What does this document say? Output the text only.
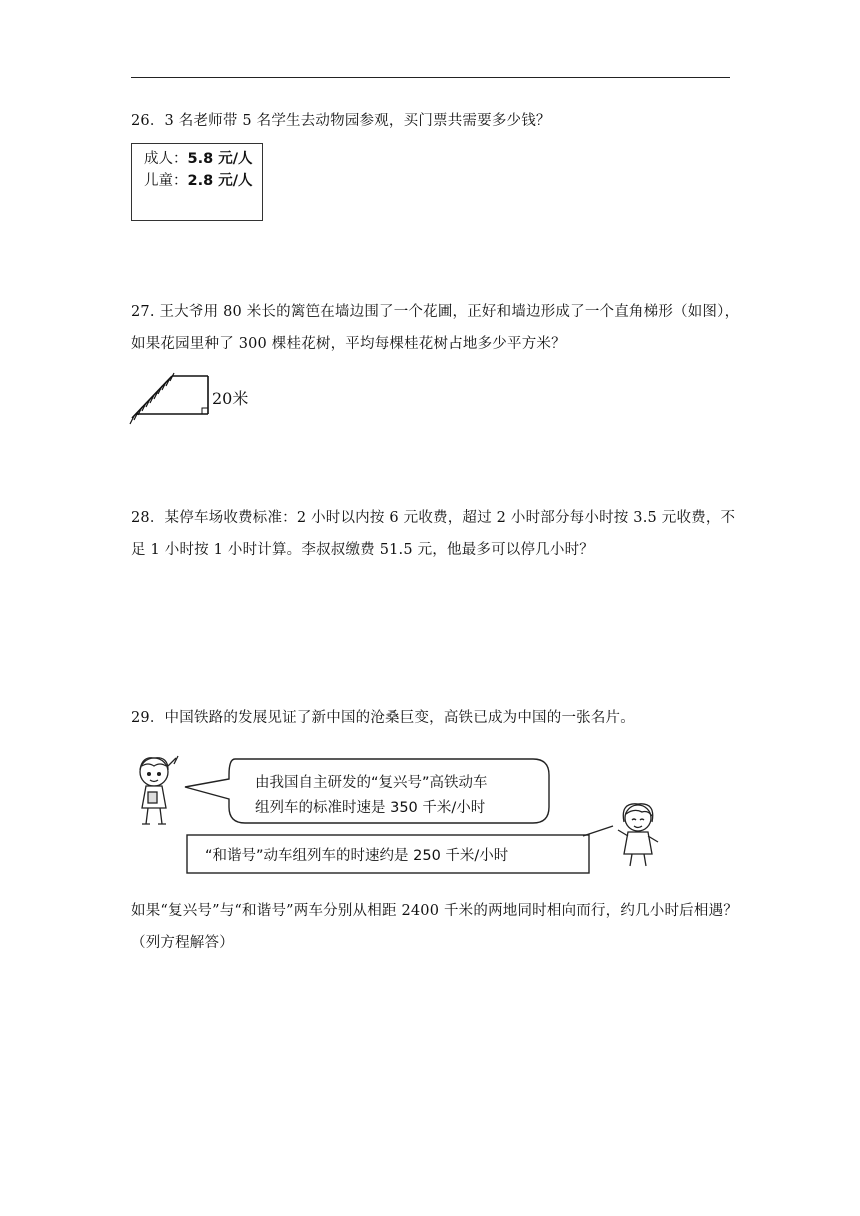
26．3 名老师带 5 名学生去动物园参观，买门票共需要多少钱？
成人：5.8 元/人
儿童：2.8 元/人
27. 王大爷用 80 米长的篱笆在墙边围了一个花圃，正好和墙边形成了一个直角梯形（如图），
如果花园里种了 300 棵桂花树，平均每棵桂花树占地多少平方米？
20米
28．某停车场收费标准：2 小时以内按 6 元收费，超过 2 小时部分每小时按 3.5 元收费，不
足 1 小时按 1 小时计算。李叔叔缴费 51.5 元，他最多可以停几小时？
29．中国铁路的发展见证了新中国的沧桑巨变，高铁已成为中国的一张名片。
由我国自主研发的“复兴号”高铁动车
组列车的标准时速是 350 千米/小时
“和谐号”动车组列车的时速约是 250 千米/小时
如果“复兴号”与“和谐号”两车分别从相距 2400 千米的两地同时相向而行，约几小时后相遇？
（列方程解答）
